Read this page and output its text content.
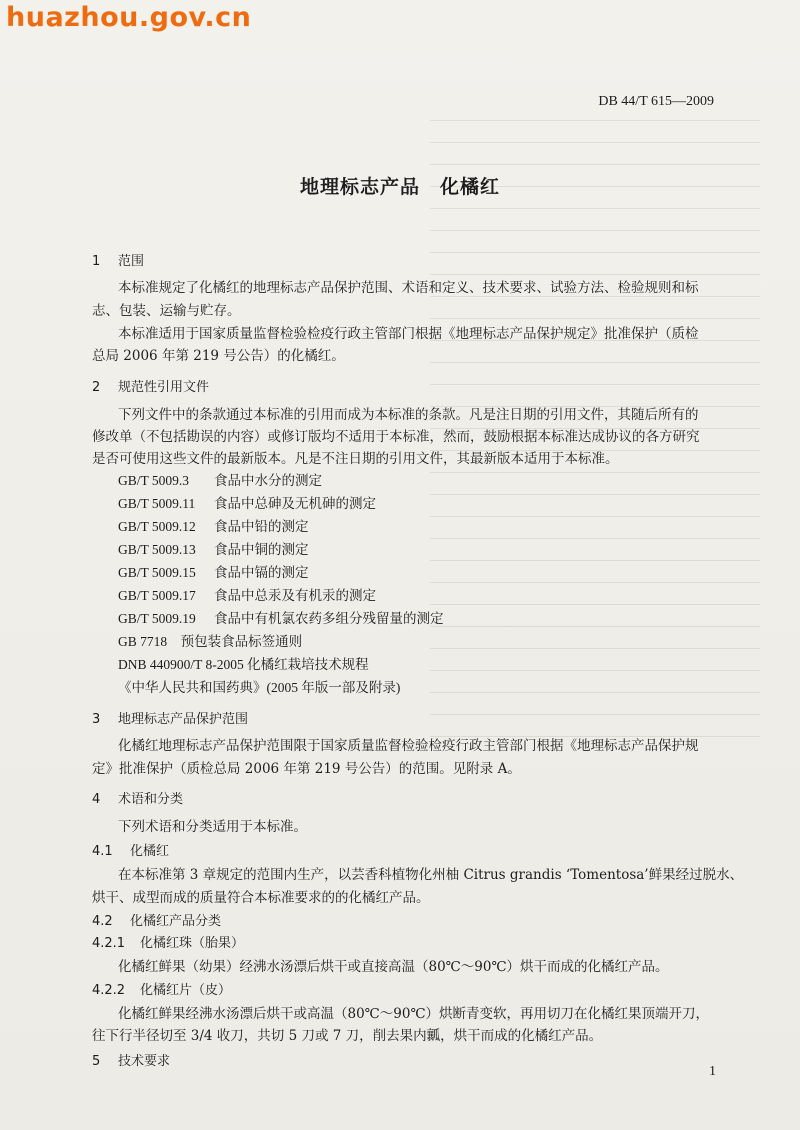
huazhou.gov.cn
DB 44/T 615—2009
地理标志产品　化橘红
1 范围
本标准规定了化橘红的地理标志产品保护范围、术语和定义、技术要求、试验方法、检验规则和标
志、包装、运输与贮存。
本标准适用于国家质量监督检验检疫行政主管部门根据《地理标志产品保护规定》批准保护（质检
总局 2006 年第 219 号公告）的化橘红。
2 规范性引用文件
下列文件中的条款通过本标准的引用而成为本标准的条款。凡是注日期的引用文件，其随后所有的
修改单（不包括勘误的内容）或修订版均不适用于本标准，然而，鼓励根据本标准达成协议的各方研究
是否可使用这些文件的最新版本。凡是不注日期的引用文件，其最新版本适用于本标准。
GB/T 5009.3 食品中水分的测定
GB/T 5009.11 食品中总砷及无机砷的测定
GB/T 5009.12 食品中铅的测定
GB/T 5009.13 食品中铜的测定
GB/T 5009.15 食品中镉的测定
GB/T 5009.17 食品中总汞及有机汞的测定
GB/T 5009.19 食品中有机氯农药多组分残留量的测定
GB 7718　预包装食品标签通则
DNB 440900/T 8-2005 化橘红栽培技术规程
《中华人民共和国药典》(2005 年版一部及附录)
3 地理标志产品保护范围
化橘红地理标志产品保护范围限于国家质量监督检验检疫行政主管部门根据《地理标志产品保护规
定》批准保护（质检总局 2006 年第 219 号公告）的范围。见附录 A。
4 术语和分类
下列术语和分类适用于本标准。
4.1 化橘红
在本标准第 3 章规定的范围内生产，以芸香科植物化州柚 Citrus grandis ‘Tomentosa’鲜果经过脱水、
烘干、成型而成的质量符合本标准要求的的化橘红产品。
4.2 化橘红产品分类
4.2.1 化橘红珠（胎果）
化橘红鲜果（幼果）经沸水汤漂后烘干或直接高温（80℃～90℃）烘干而成的化橘红产品。
4.2.2 化橘红片（皮）
化橘红鲜果经沸水汤漂后烘干或高温（80℃～90℃）烘断青变软，再用切刀在化橘红果顶端开刀，
往下行半径切至 3/4 收刀，共切 5 刀或 7 刀，削去果内瓤，烘干而成的化橘红产品。
5 技术要求
1
